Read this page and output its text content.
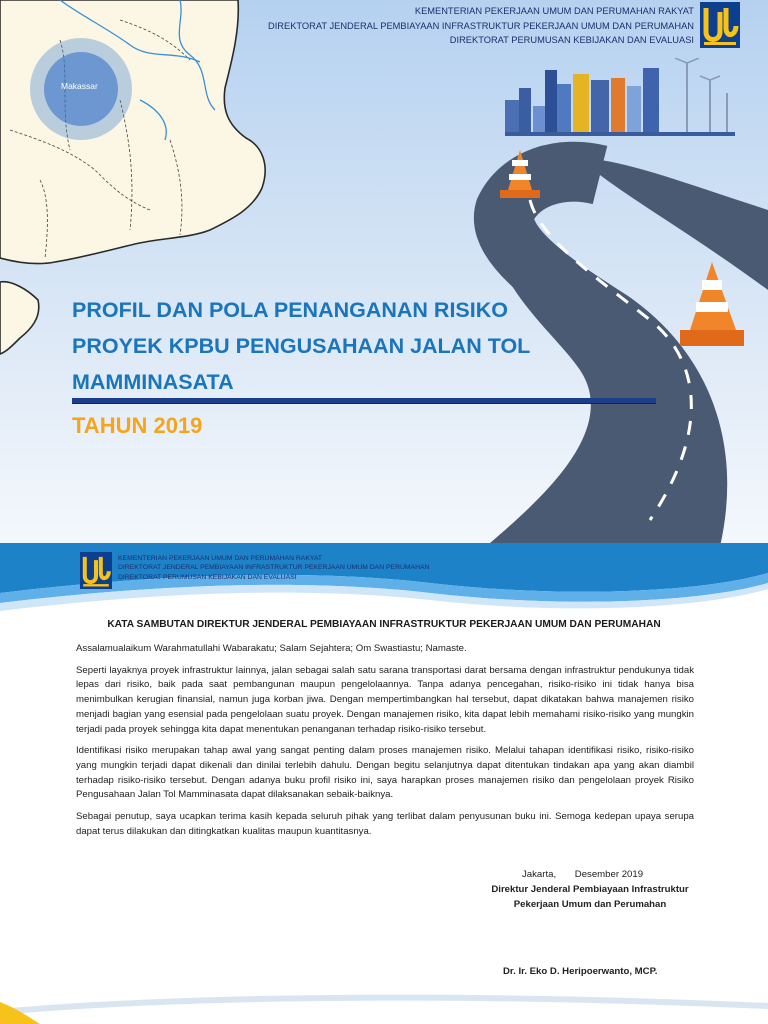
Makassar
KEMENTERIAN PEKERJAAN UMUM DAN PERUMAHAN RAKYAT
DIREKTORAT JENDERAL PEMBIAYAAN INFRASTRUKTUR PEKERJAAN UMUM DAN PERUMAHAN
DIREKTORAT PERUMUSAN KEBIJAKAN DAN EVALUASI
PROFIL DAN POLA PENANGANAN RISIKO
PROYEK KPBU PENGUSAHAAN JALAN TOL
MAMMINASATA
TAHUN 2019
KEMENTERIAN PEKERJAAN UMUM DAN PERUMAHAN RAKYAT
DIREKTORAT JENDERAL PEMBIAYAAN INFRASTRUKTUR PEKERJAAN UMUM DAN PERUMAHAN
DIREKTORAT PERUMUSAN KEBIJAKAN DAN EVALUASI
KATA SAMBUTAN DIREKTUR JENDERAL PEMBIAYAAN INFRASTRUKTUR PEKERJAAN UMUM DAN PERUMAHAN

Assalamualaikum Warahmatullahi Wabarakatu; Salam Sejahtera; Om Swastiastu; Namaste.

Seperti layaknya proyek infrastruktur lainnya, jalan sebagai salah satu sarana transportasi darat bersama dengan infrastruktur pendukunya tidak lepas dari risiko, baik pada saat pembangunan maupun pengelolaannya. Tanpa adanya pencegahan, risiko-risiko ini tidak hanya bisa menimbulkan kerugian finansial, namun juga korban jiwa. Dengan mempertimbangkan hal tersebut, dapat dikatakan bahwa manajemen risiko menjadi bagian yang esensial pada pengelolaan suatu proyek. Dengan manajemen risiko, kita dapat lebih memahami risiko-risiko yang mungkin terjadi pada proyek sehingga kita dapat menentukan penanganan terhadap risiko-risiko tersebut.

Identifikasi risiko merupakan tahap awal yang sangat penting dalam proses manajemen risiko. Melalui tahapan identifikasi risiko, risiko-risiko yang mungkin terjadi dapat dikenali dan dinilai terlebih dahulu. Dengan begitu selanjutnya dapat ditentukan tindakan apa yang akan diambil terhadap risiko-risiko tersebut. Dengan adanya buku profil risiko ini, saya harapkan proses manajemen risiko dan pengelolaan proyek Risiko Pengusahaan Jalan Tol Mamminasata dapat dilaksanakan sebaik-baiknya.

Sebagai penutup, saya ucapkan terima kasih kepada seluruh pihak yang terlibat dalam penyusunan buku ini. Semoga kedepan upaya serupa dapat terus dilakukan dan ditingkatkan kualitas maupun kuantitasnya.

Jakarta,       Desember 2019
Direktur Jenderal Pembiayaan Infrastruktur
Pekerjaan Umum dan Perumahan
Dr. Ir. Eko D. Heripoerwanto, MCP.
